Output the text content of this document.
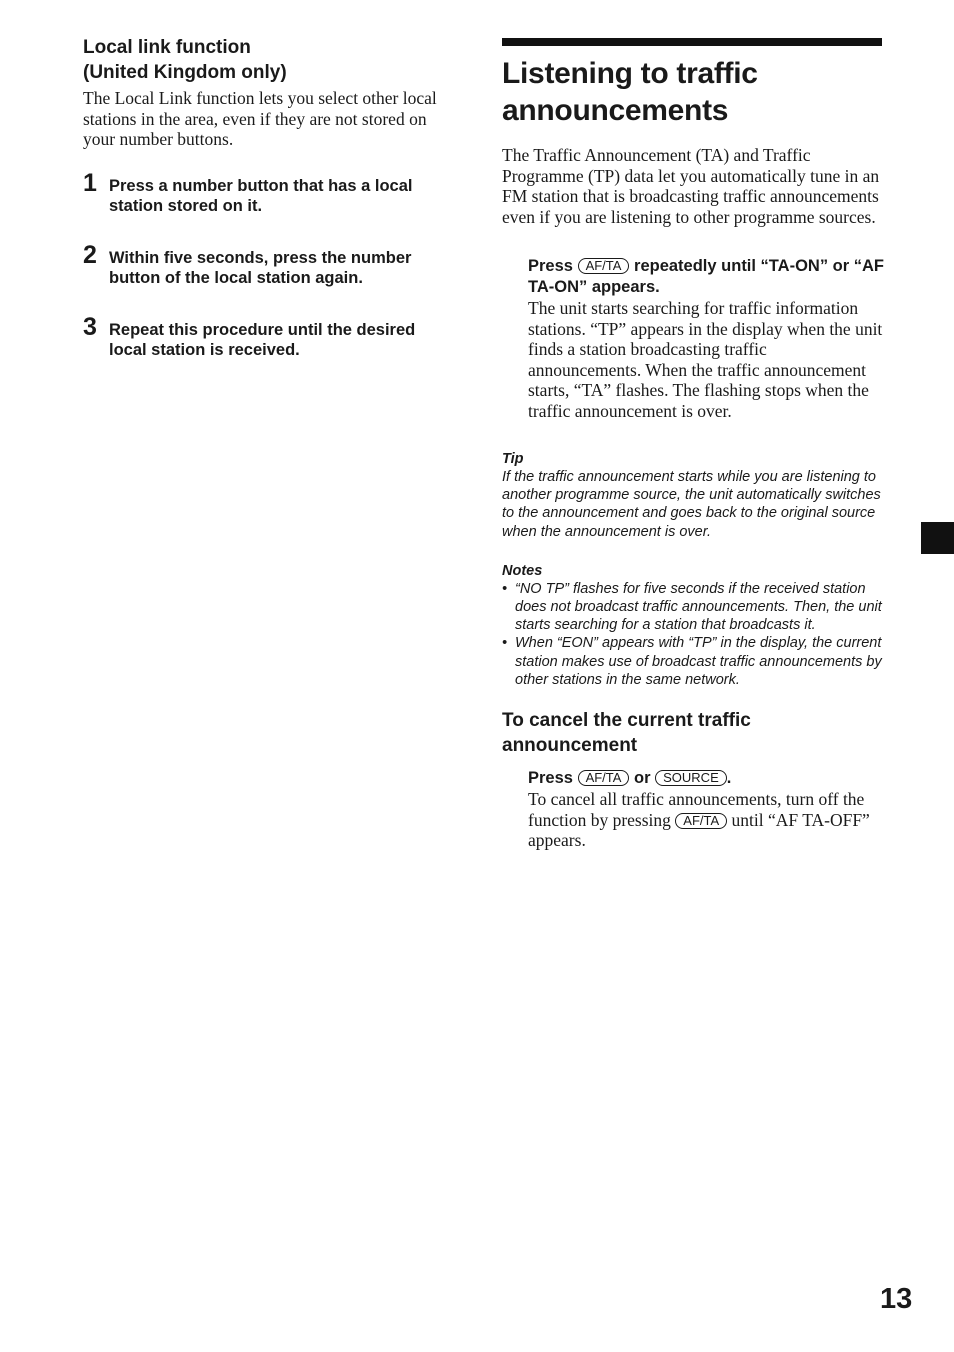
Local link function
(United Kingdom only)

The Local Link function lets you select other local stations in the area, even if they are not stored on your number buttons.

1 Press a number button that has a local station stored on it.
2 Within five seconds, press the number button of the local station again.
3 Repeat this procedure until the desired local station is received.
Listening to traffic
announcements

The Traffic Announcement (TA) and Traffic Programme (TP) data let you automatically tune in an FM station that is broadcasting traffic announcements even if you are listening to other programme sources.

Press AF/TA repeatedly until “TA-ON” or “AF TA-ON” appears.

The unit starts searching for traffic information stations. “TP” appears in the display when the unit finds a station broadcasting traffic announcements. When the traffic announcement starts, “TA” flashes. The flashing stops when the traffic announcement is over.

Tip

If the traffic announcement starts while you are listening to another programme source, the unit automatically switches to the announcement and goes back to the original source when the announcement is over.

Notes
• “NO TP” flashes for five seconds if the received station does not broadcast traffic announcements. Then, the unit starts searching for a station that broadcasts it.
• When “EON” appears with “TP” in the display, the current station makes use of broadcast traffic announcements by other stations in the same network.
To cancel the current traffic
announcement
Press AF/TA or SOURCE .

To cancel all traffic announcements, turn off the function by pressing AF/TA until “AF TA-OFF” appears.

13
